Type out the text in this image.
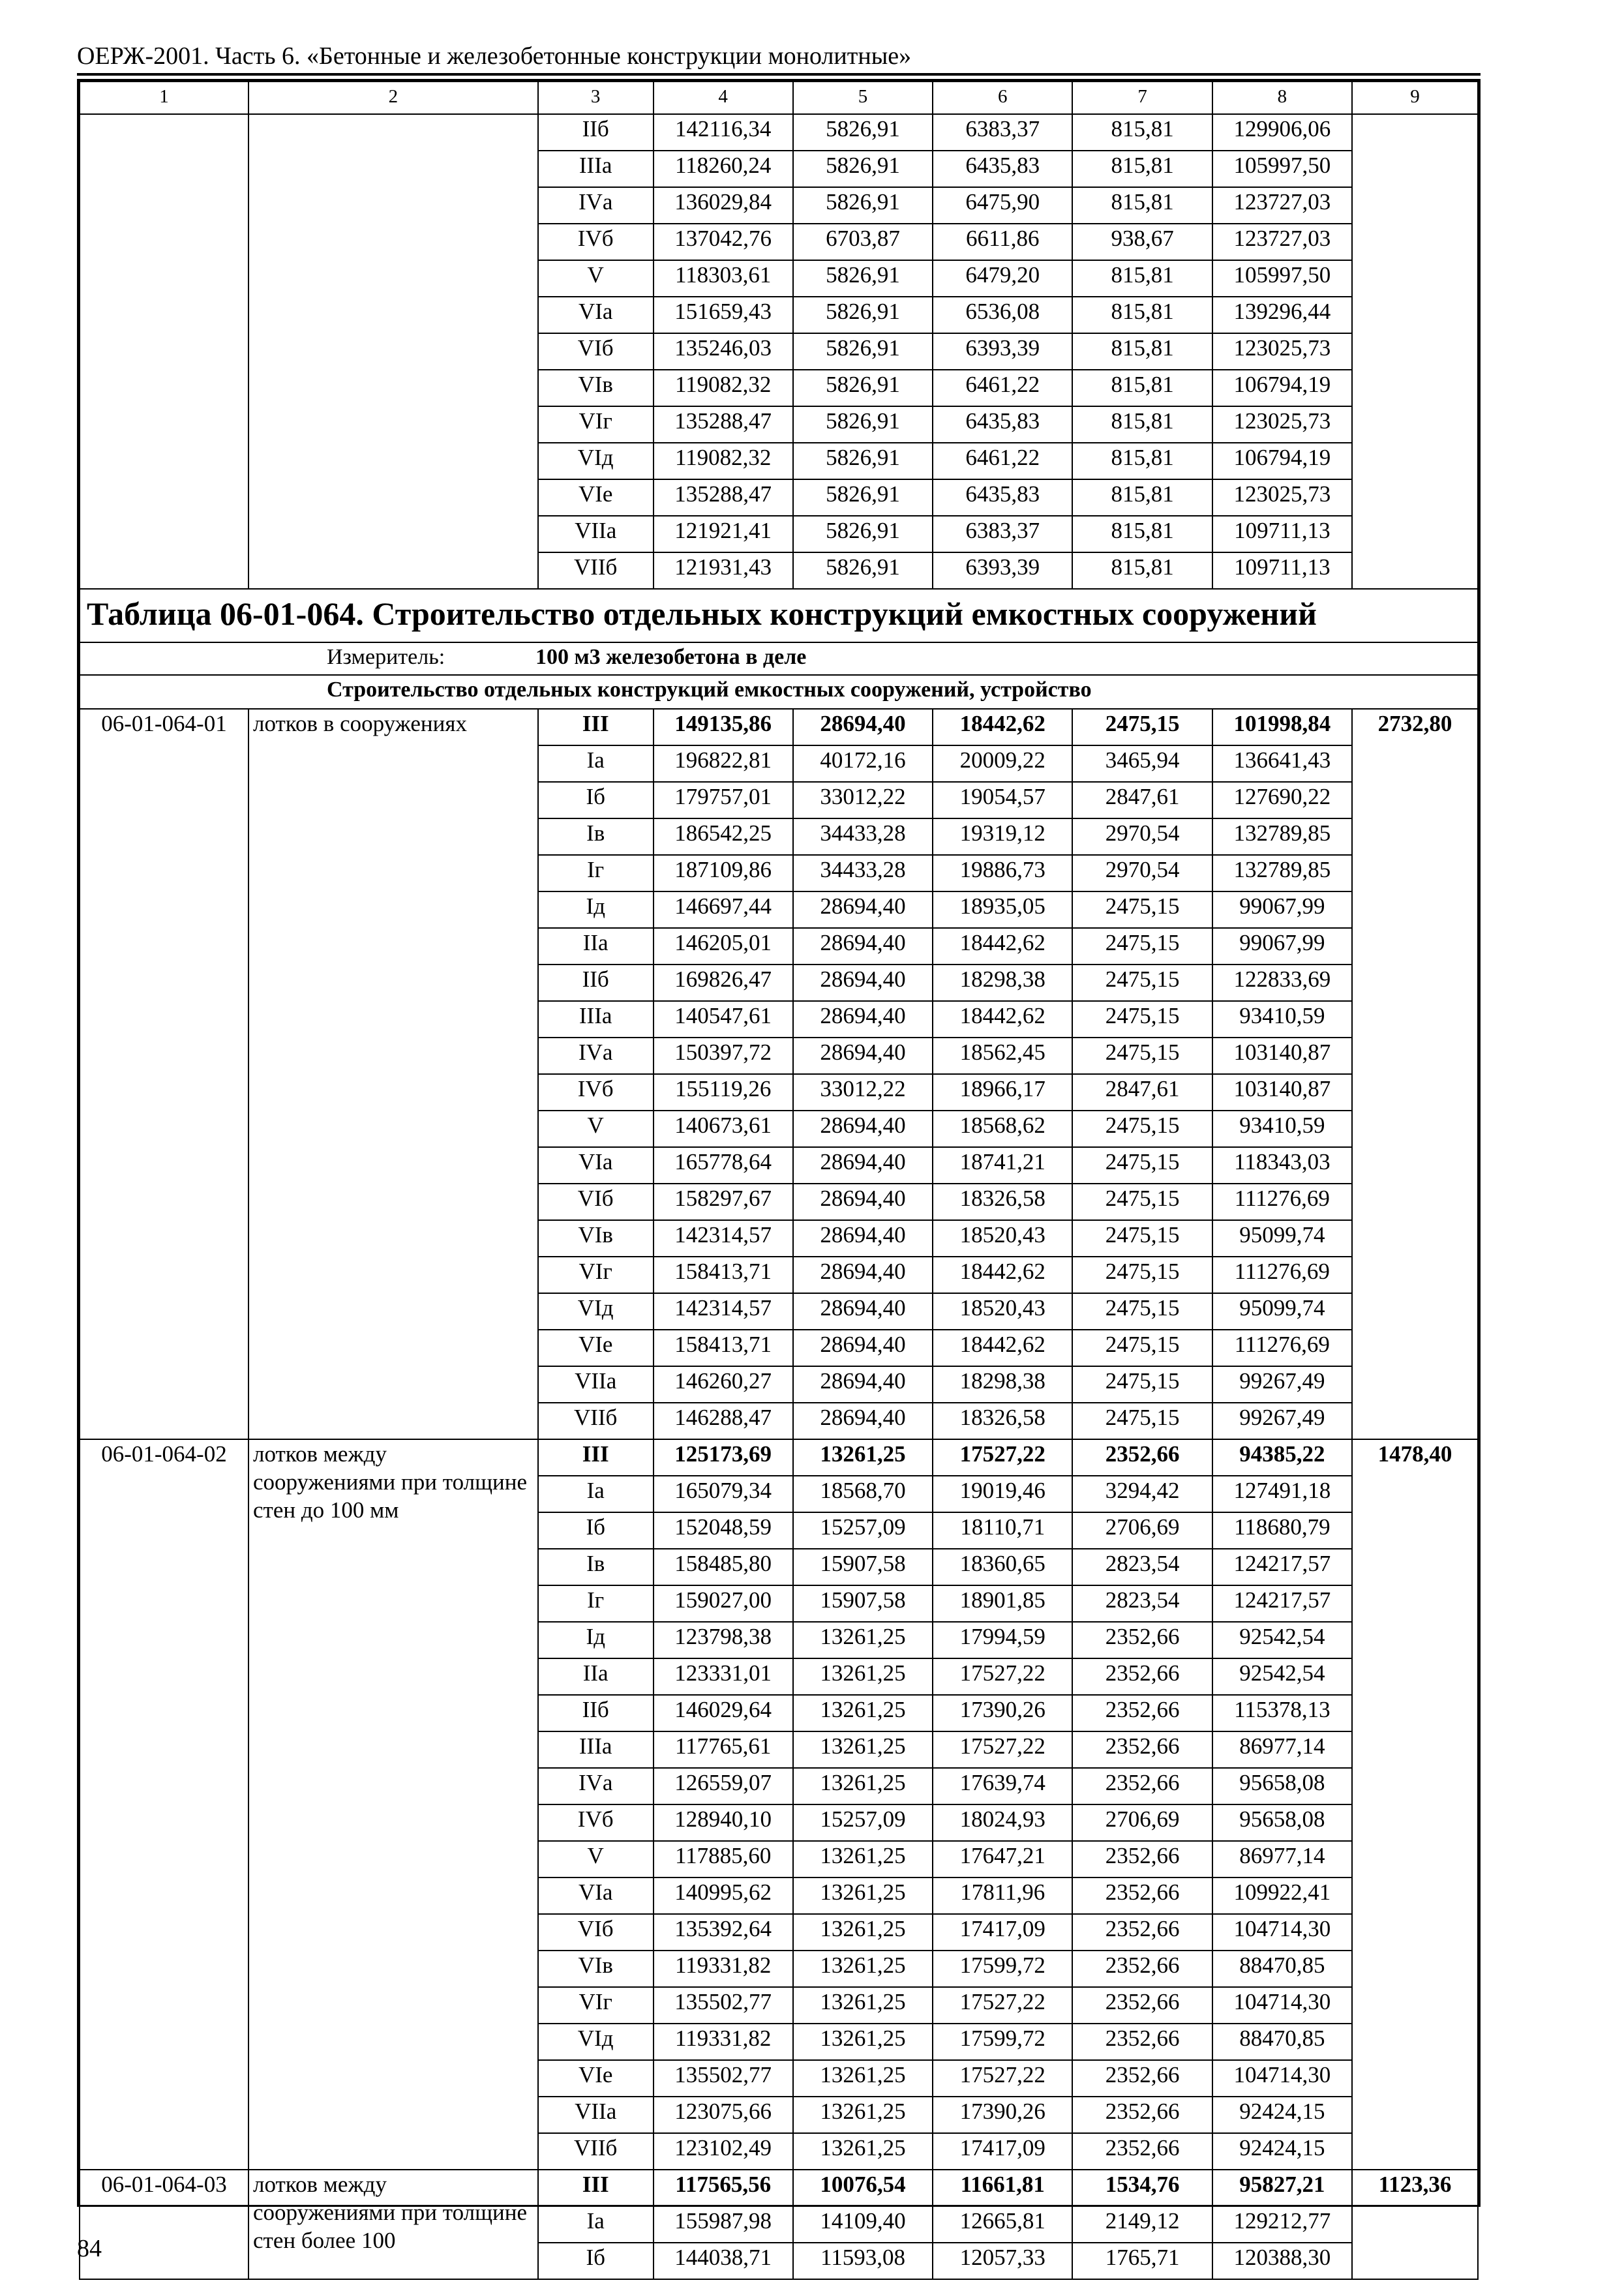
ОЕРЖ-2001. Часть 6. «Бетонные и железобетонные конструкции монолитные»
1	2	3	4	5	6	7	8	9
		IIб	142116,34	5826,91	6383,37	815,81	129906,06	
		IIIа	118260,24	5826,91	6435,83	815,81	105997,50	
		IVа	136029,84	5826,91	6475,90	815,81	123727,03	
		IVб	137042,76	6703,87	6611,86	938,67	123727,03	
		V	118303,61	5826,91	6479,20	815,81	105997,50	
		VIа	151659,43	5826,91	6536,08	815,81	139296,44	
		VIб	135246,03	5826,91	6393,39	815,81	123025,73	
		VIв	119082,32	5826,91	6461,22	815,81	106794,19	
		VIг	135288,47	5826,91	6435,83	815,81	123025,73	
		VIд	119082,32	5826,91	6461,22	815,81	106794,19	
		VIе	135288,47	5826,91	6435,83	815,81	123025,73	
		VIIа	121921,41	5826,91	6383,37	815,81	109711,13	
		VIIб	121931,43	5826,91	6393,39	815,81	109711,13	
Таблица 06-01-064. Строительство отдельных конструкций емкостных сооружений								
Измеритель: 100 м3 железобетона в деле								
Строительство отдельных конструкций емкостных сооружений, устройство								
06-01-064-01	лотков в сооружениях	III	149135,86	28694,40	18442,62	2475,15	101998,84	2732,80
		Iа	196822,81	40172,16	20009,22	3465,94	136641,43	
		Iб	179757,01	33012,22	19054,57	2847,61	127690,22	
		Iв	186542,25	34433,28	19319,12	2970,54	132789,85	
		Iг	187109,86	34433,28	19886,73	2970,54	132789,85	
		Iд	146697,44	28694,40	18935,05	2475,15	99067,99	
		IIа	146205,01	28694,40	18442,62	2475,15	99067,99	
		IIб	169826,47	28694,40	18298,38	2475,15	122833,69	
		IIIа	140547,61	28694,40	18442,62	2475,15	93410,59	
		IVа	150397,72	28694,40	18562,45	2475,15	103140,87	
		IVб	155119,26	33012,22	18966,17	2847,61	103140,87	
		V	140673,61	28694,40	18568,62	2475,15	93410,59	
		VIа	165778,64	28694,40	18741,21	2475,15	118343,03	
		VIб	158297,67	28694,40	18326,58	2475,15	111276,69	
		VIв	142314,57	28694,40	18520,43	2475,15	95099,74	
		VIг	158413,71	28694,40	18442,62	2475,15	111276,69	
		VIд	142314,57	28694,40	18520,43	2475,15	95099,74	
		VIе	158413,71	28694,40	18442,62	2475,15	111276,69	
		VIIа	146260,27	28694,40	18298,38	2475,15	99267,49	
		VIIб	146288,47	28694,40	18326,58	2475,15	99267,49	
06-01-064-02	лотков между сооружениями при толщине стен до 100 мм	III	125173,69	13261,25	17527,22	2352,66	94385,22	1478,40
		Iа	165079,34	18568,70	19019,46	3294,42	127491,18	
		Iб	152048,59	15257,09	18110,71	2706,69	118680,79	
		Iв	158485,80	15907,58	18360,65	2823,54	124217,57	
		Iг	159027,00	15907,58	18901,85	2823,54	124217,57	
		Iд	123798,38	13261,25	17994,59	2352,66	92542,54	
		IIа	123331,01	13261,25	17527,22	2352,66	92542,54	
		IIб	146029,64	13261,25	17390,26	2352,66	115378,13	
		IIIа	117765,61	13261,25	17527,22	2352,66	86977,14	
		IVа	126559,07	13261,25	17639,74	2352,66	95658,08	
		IVб	128940,10	15257,09	18024,93	2706,69	95658,08	
		V	117885,60	13261,25	17647,21	2352,66	86977,14	
		VIа	140995,62	13261,25	17811,96	2352,66	109922,41	
		VIб	135392,64	13261,25	17417,09	2352,66	104714,30	
		VIв	119331,82	13261,25	17599,72	2352,66	88470,85	
		VIг	135502,77	13261,25	17527,22	2352,66	104714,30	
		VIд	119331,82	13261,25	17599,72	2352,66	88470,85	
		VIе	135502,77	13261,25	17527,22	2352,66	104714,30	
		VIIа	123075,66	13261,25	17390,26	2352,66	92424,15	
		VIIб	123102,49	13261,25	17417,09	2352,66	92424,15	
06-01-064-03	лотков между сооружениями при толщине стен более 100	III	117565,56	10076,54	11661,81	1534,76	95827,21	1123,36
		Iа	155987,98	14109,40	12665,81	2149,12	129212,77	
		Iб	144038,71	11593,08	12057,33	1765,71	120388,30	
84
